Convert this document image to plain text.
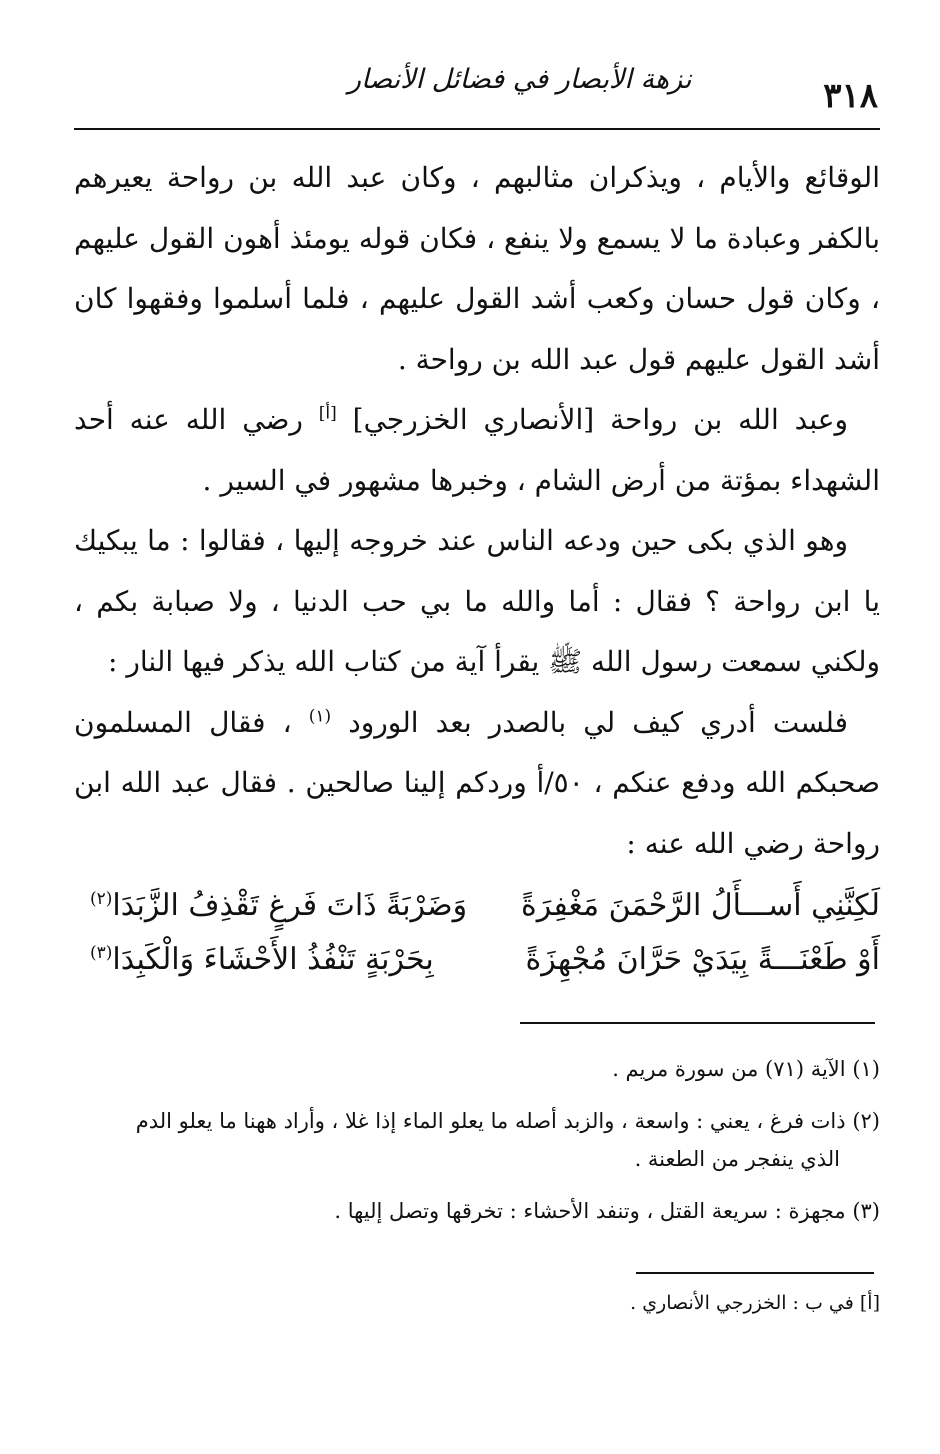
٣١٨
نزهة الأبصار في فضائل الأنصار

الوقائع والأيام ، ويذكران مثالبهم ، وكان عبد الله بن رواحة يعيرهم بالكفر وعبادة ما لا يسمع ولا ينفع ، فكان قوله يومئذ أهون القول عليهم ، وكان قول حسان وكعب أشد القول عليهم ، فلما أسلموا وفقهوا كان أشد القول عليهم قول عبد الله بن رواحة .

وعبد الله بن رواحة [الأنصاري الخزرجي] [أ] رضي الله عنه أحد الشهداء بمؤتة من أرض الشام ، وخبرها مشهور في السير .

وهو الذي بكى حين ودعه الناس عند خروجه إليها ، فقالوا : ما يبكيك يا ابن رواحة ؟ فقال : أما والله ما بي حب الدنيا ، ولا صبابة بكم ، ولكني سمعت رسول الله ﷺ يقرأ آية من كتاب الله يذكر فيها النار :

فلست أدري كيف لي بالصدر بعد الورود $^{(١)}$ ، فقال المسلمون صحبكم الله ودفع عنكم ، ٥٠/أ وردكم إلينا صالحين . فقال عبد الله ابن رواحة رضي الله عنه :

لَكِنَّنِي أَســـأَلُ الرَّحْمَنَ مَغْفِرَةً
وَضَرْبَةً ذَاتَ فَرغٍ تَقْذِفُ الزَّبَدَا$^{(٢)}$
أَوْ طَعْنَـــةً بِيَدَيْ حَرَّانَ مُجْهِزَةً
بِحَرْبَةٍ تَنْفُذُ الأَحْشَاءَ وَالْكَبِدَا$^{(٣)}$
(١) الآية (٧١) من سورة مريم .
(٢) ذات فرغ ، يعني : واسعة ، والزبد أصله ما يعلو الماء إذا غلا ، وأراد ههنا ما يعلو الدم
الذي ينفجر من الطعنة .
(٣) مجهزة : سريعة القتل ، وتنفد الأحشاء : تخرقها وتصل إليها .
[أ] في ب : الخزرجي الأنصاري .
